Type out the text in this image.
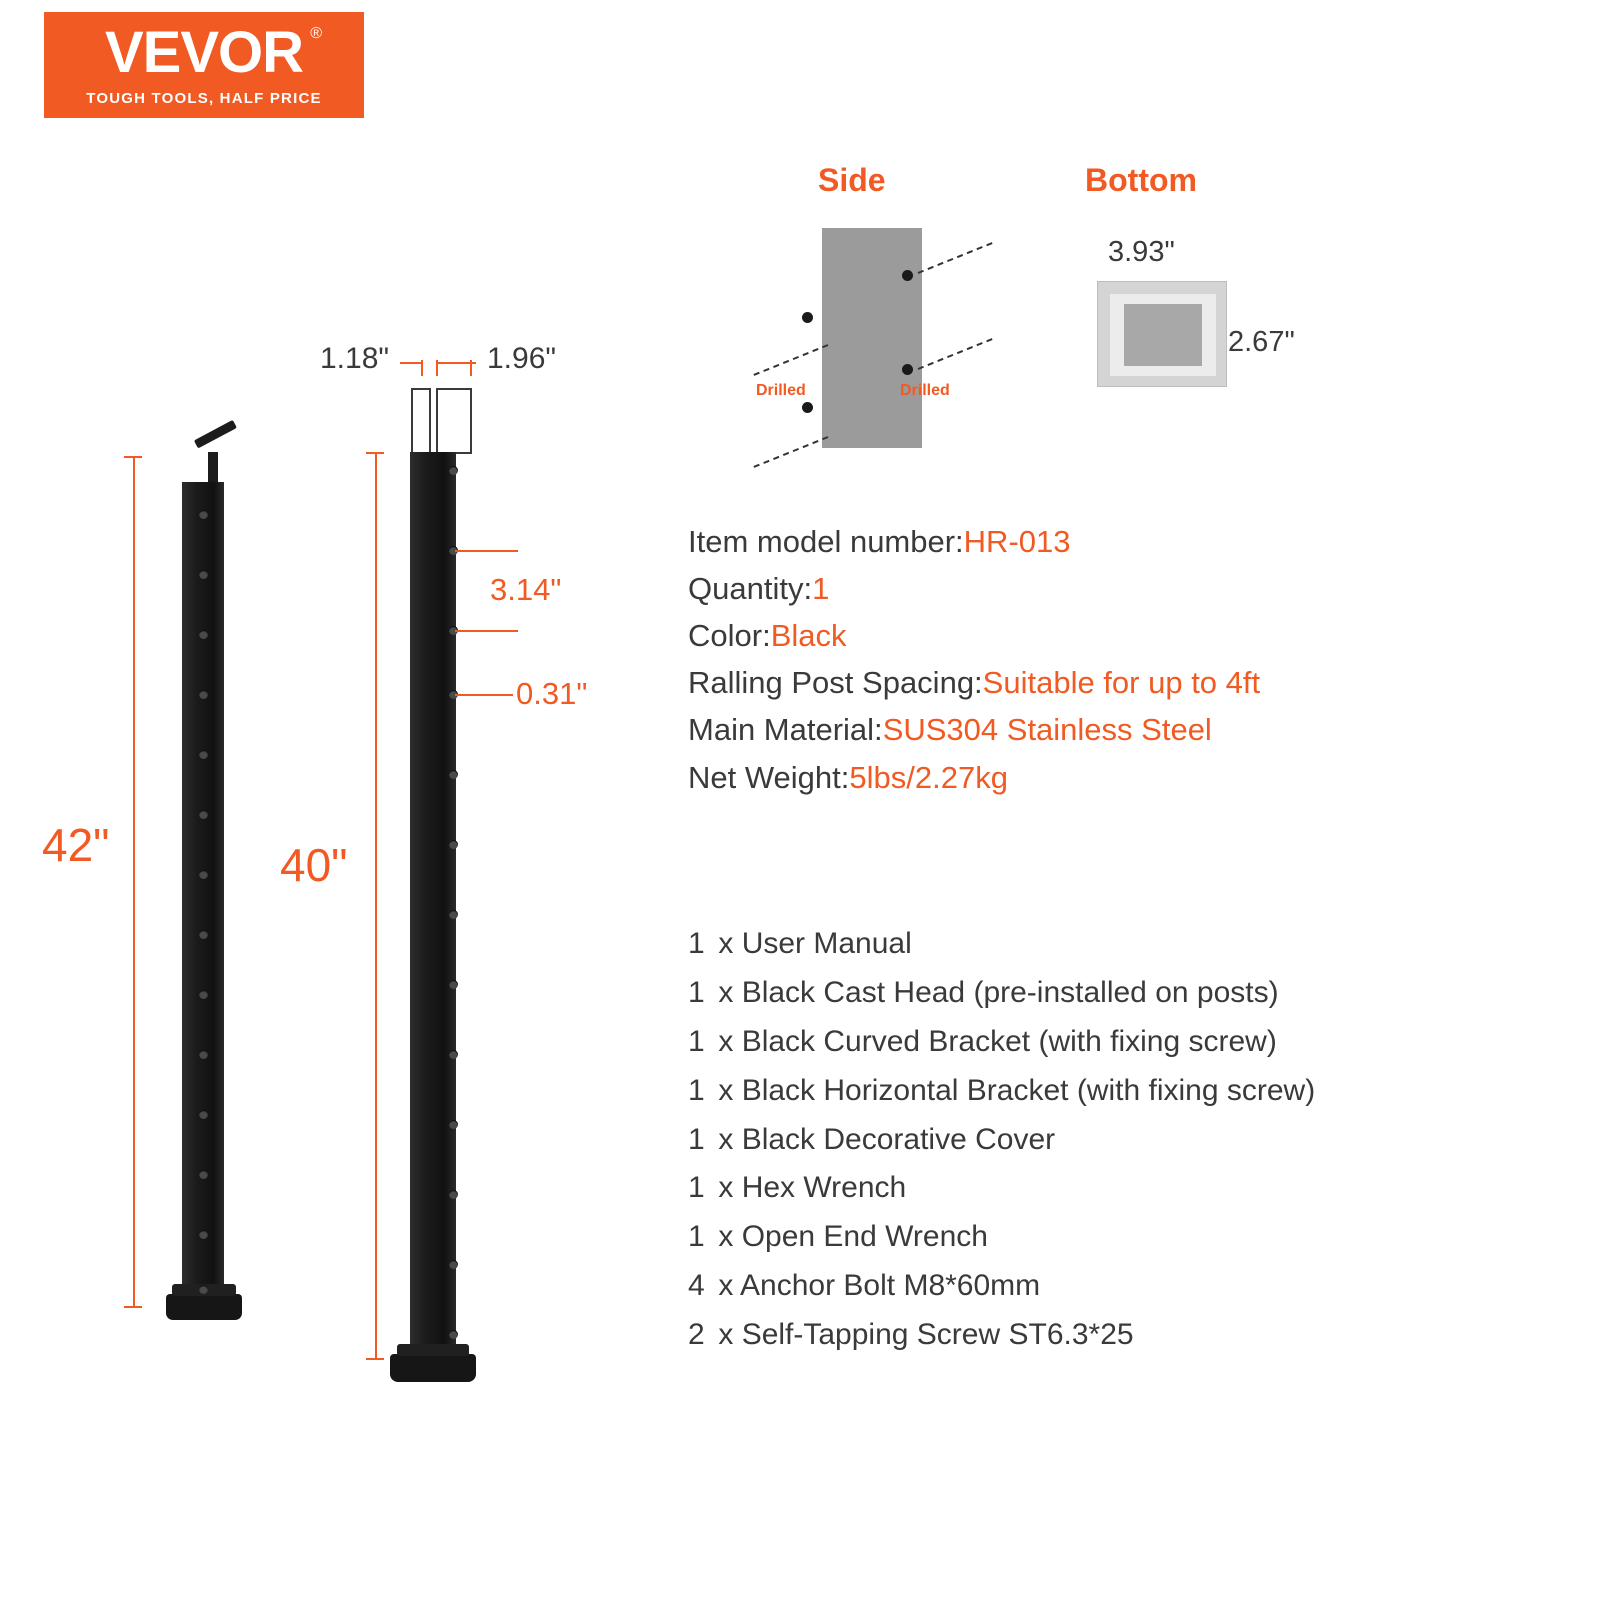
VEVOR ®
TOUGH TOOLS, HALF PRICE
42"
1.18"	1.96"
40"
3.14"
0.31"
Side
Drilled	Drilled
Bottom
3.93"
2.67"
Item model number:HR-013
Quantity:1
Color:Black
Ralling Post Spacing:Suitable for up to 4ft
Main Material:SUS304 Stainless Steel
Net Weight:5lbs/2.27kg
1 x User Manual
1 x Black Cast Head (pre-installed on posts)
1 x Black Curved Bracket (with fixing screw)
1 x Black Horizontal Bracket (with fixing screw)
1 x Black Decorative Cover
1 x Hex Wrench
1 x Open End Wrench
4 x Anchor Bolt M8*60mm
2 x Self-Tapping Screw ST6.3*25
